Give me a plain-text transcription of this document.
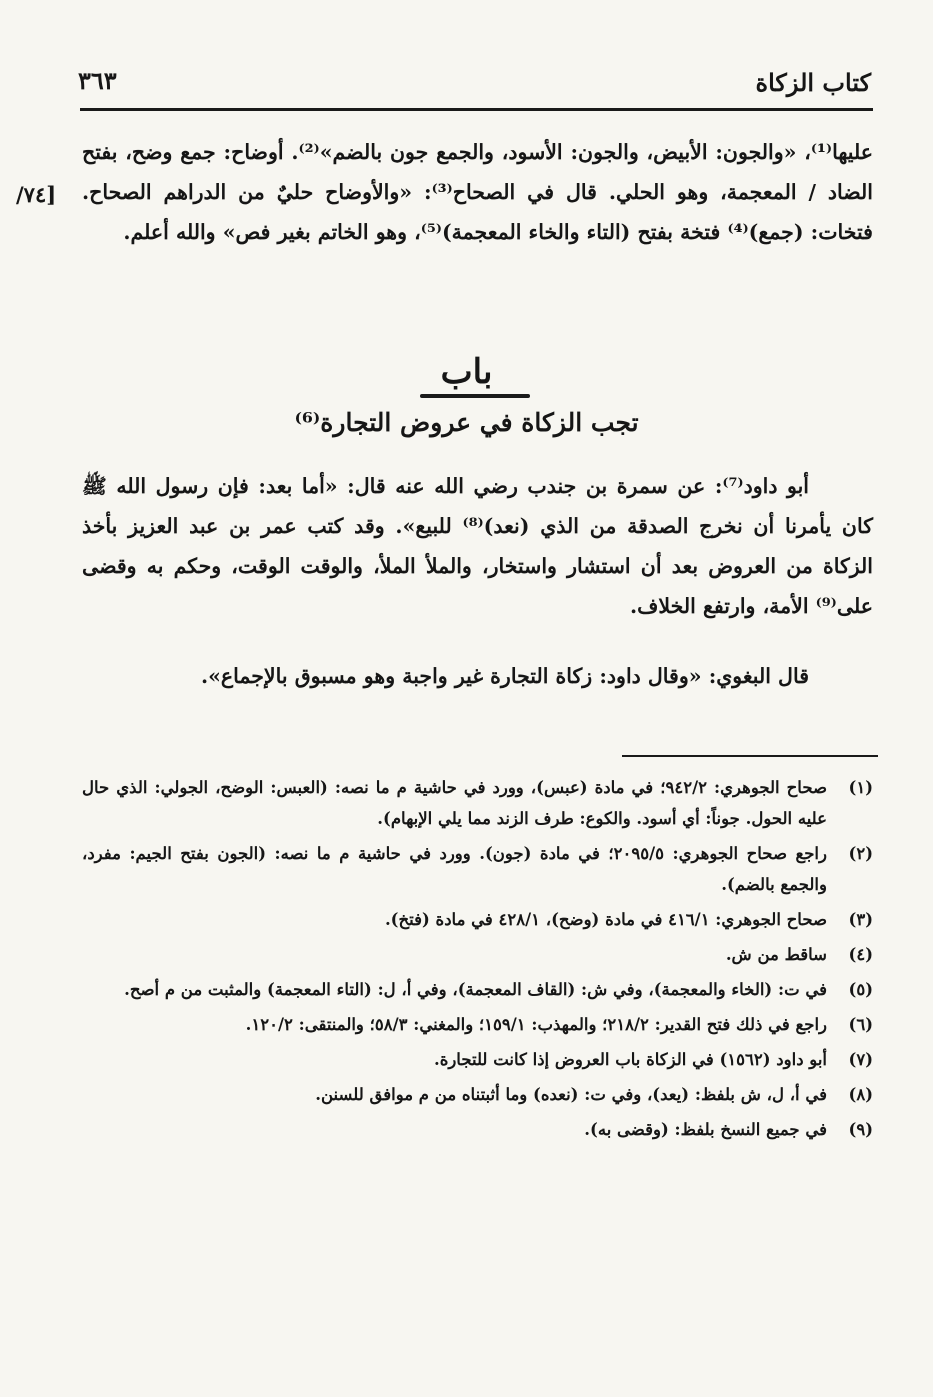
كتاب الزكاة
٣٦٣
[٧٤/
عليها⁽¹⁾، «والجون: الأبيض، والجون: الأسود، والجمع جون بالضم»⁽²⁾. أوضاح: جمع وضح، بفتح الضاد / المعجمة، وهو الحلي. قال في الصحاح⁽³⁾: «والأوضاح حليٌ من الدراهم الصحاح. فتخات: (جمع)⁽⁴⁾ فتخة بفتح (التاء والخاء المعجمة)⁽⁵⁾، وهو الخاتم بغير فص» والله أعلم.
باب
تجب الزكاة في عروض التجارة⁽⁶⁾
أبو داود⁽⁷⁾: عن سمرة بن جندب رضي الله عنه قال: «أما بعد: فإن رسول الله ﷺ كان يأمرنا أن نخرج الصدقة من الذي (نعد)⁽⁸⁾ للبيع». وقد كتب عمر بن عبد العزيز بأخذ الزكاة من العروض بعد أن استشار واستخار، والملأ الملأ، والوقت الوقت، وحكم به وقضى على⁽⁹⁾ الأمة، وارتفع الخلاف.
قال البغوي: «وقال داود: زكاة التجارة غير واجبة وهو مسبوق بالإجماع».
(١)
صحاح الجوهري: ٩٤٢/٢؛ في مادة (عبس)، وورد في حاشية م ما نصه: (العبس: الوضح، الجولي: الذي حال عليه الحول. جوناً: أي أسود. والكوع: طرف الزند مما يلي الإبهام).
(٢)
راجع صحاح الجوهري: ٢٠٩٥/٥؛ في مادة (جون). وورد في حاشية م ما نصه: (الجون بفتح الجيم: مفرد، والجمع بالضم).
(٣)
صحاح الجوهري: ٤١٦/١ في مادة (وضح)، ٤٢٨/١ في مادة (فتخ).
(٤)
ساقط من ش.
(٥)
في ت: (الخاء والمعجمة)، وفي ش: (القاف المعجمة)، وفي أ، ل: (التاء المعجمة) والمثبت من م أصح.
(٦)
راجع في ذلك فتح القدير: ٢١٨/٢؛ والمهذب: ١٥٩/١؛ والمغني: ٥٨/٣؛ والمنتقى: ١٢٠/٢.
(٧)
أبو داود (١٥٦٢) في الزكاة باب العروض إذا كانت للتجارة.
(٨)
في أ، ل، ش بلفظ: (يعد)، وفي ت: (نعده) وما أثبتناه من م موافق للسنن.
(٩)
في جميع النسخ بلفظ: (وقضى به).
